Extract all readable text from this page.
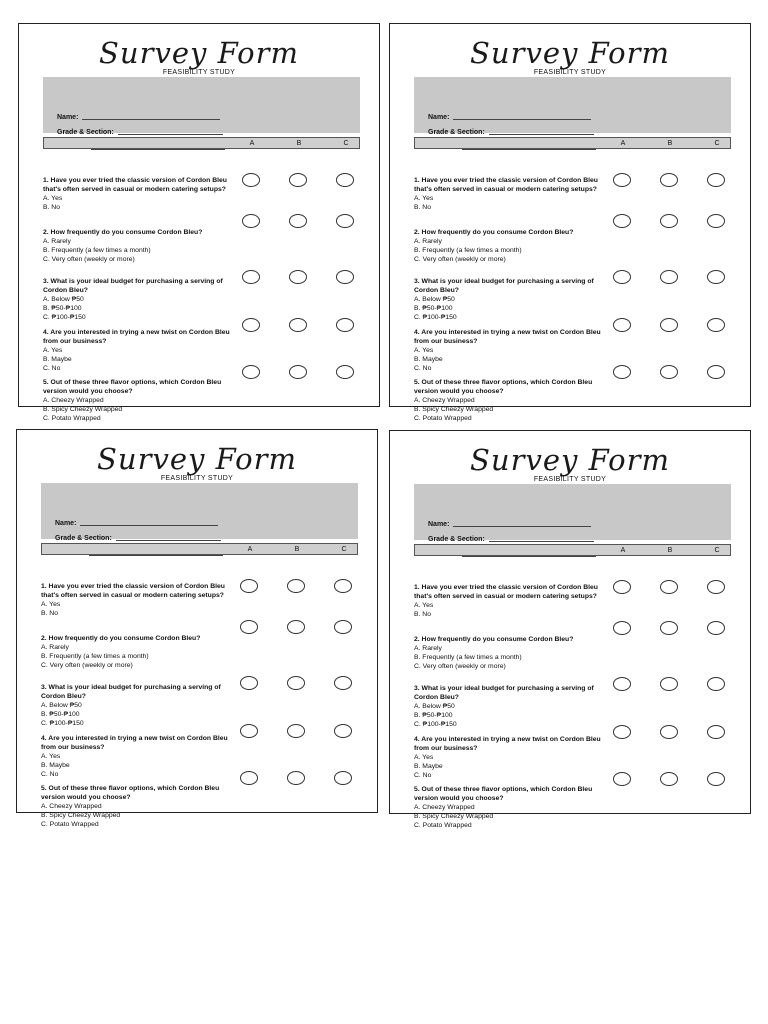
Survey Form
FEASIBILITY STUDY
Name:
Grade & Section:
A	B	C
1. Have you ever tried the classic version of Cordon Bleu that's often served in casual or modern catering setups?
A. Yes
B. No
2. How frequently do you consume Cordon Bleu?
A. Rarely
B. Frequently (a few times a month)
C. Very often (weekly or more)
3. What is your ideal budget for purchasing a serving of Cordon Bleu?
A. Below ₱50
B. ₱50-₱100
C. ₱100-₱150
4. Are you interested in trying a new twist on Cordon Bleu from our business?
A. Yes
B. Maybe
C. No
5. Out of these three flavor options, which Cordon Bleu version would you choose?
A. Cheezy Wrapped
B. Spicy Cheezy Wrapped
C. Potato Wrapped
Survey Form
FEASIBILITY STUDY
Name:
Grade & Section:
A	B	C
1. Have you ever tried the classic version of Cordon Bleu that's often served in casual or modern catering setups?
A. Yes
B. No
2. How frequently do you consume Cordon Bleu?
A. Rarely
B. Frequently (a few times a month)
C. Very often (weekly or more)
3. What is your ideal budget for purchasing a serving of Cordon Bleu?
A. Below ₱50
B. ₱50-₱100
C. ₱100-₱150
4. Are you interested in trying a new twist on Cordon Bleu from our business?
A. Yes
B. Maybe
C. No
5. Out of these three flavor options, which Cordon Bleu version would you choose?
A. Cheezy Wrapped
B. Spicy Cheezy Wrapped
C. Potato Wrapped
Survey Form
FEASIBILITY STUDY
Name:
Grade & Section:
A	B	C
1. Have you ever tried the classic version of Cordon Bleu that's often served in casual or modern catering setups?
A. Yes
B. No
2. How frequently do you consume Cordon Bleu?
A. Rarely
B. Frequently (a few times a month)
C. Very often (weekly or more)
3. What is your ideal budget for purchasing a serving of Cordon Bleu?
A. Below ₱50
B. ₱50-₱100
C. ₱100-₱150
4. Are you interested in trying a new twist on Cordon Bleu from our business?
A. Yes
B. Maybe
C. No
5. Out of these three flavor options, which Cordon Bleu version would you choose?
A. Cheezy Wrapped
B. Spicy Cheezy Wrapped
C. Potato Wrapped
Survey Form
FEASIBILITY STUDY
Name:
Grade & Section:
A	B	C
1. Have you ever tried the classic version of Cordon Bleu that's often served in casual or modern catering setups?
A. Yes
B. No
2. How frequently do you consume Cordon Bleu?
A. Rarely
B. Frequently (a few times a month)
C. Very often (weekly or more)
3. What is your ideal budget for purchasing a serving of Cordon Bleu?
A. Below ₱50
B. ₱50-₱100
C. ₱100-₱150
4. Are you interested in trying a new twist on Cordon Bleu from our business?
A. Yes
B. Maybe
C. No
5. Out of these three flavor options, which Cordon Bleu version would you choose?
A. Cheezy Wrapped
B. Spicy Cheezy Wrapped
C. Potato Wrapped
